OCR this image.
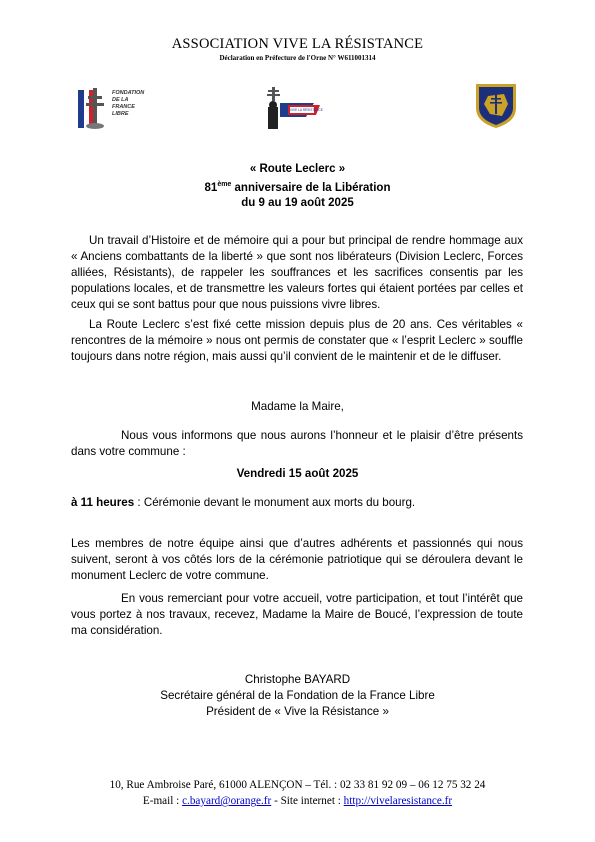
ASSOCIATION VIVE LA RÉSISTANCE
Déclaration en Préfecture de l'Orne N° W611001314
FONDATION
DE LA
FRANCE
LIBRE
VIVE LA RÉSISTANCE
« Route Leclerc »
81ème anniversaire de la Libération
du 9 au 19 août 2025
Un travail d’Histoire et de mémoire qui a pour but principal de rendre hommage aux « Anciens combattants de la liberté » que sont nos libérateurs (Division Leclerc, Forces alliées, Résistants), de rappeler les souffrances et les sacrifices consentis par les populations locales, et de transmettre les valeurs fortes qui étaient portées par celles et ceux qui se sont battus pour que nous puissions vivre libres.
La Route Leclerc s’est fixé cette mission depuis plus de 20 ans. Ces véritables « rencontres de la mémoire » nous ont permis de constater que « l’esprit Leclerc » souffle toujours dans notre région, mais aussi qu’il convient de le maintenir et de le diffuser.
Madame la Maire,
Nous vous informons que nous aurons l’honneur et le plaisir d’être présents dans votre commune :
Vendredi 15 août 2025
à 11 heures : Cérémonie devant le monument aux morts du bourg.
Les membres de notre équipe ainsi que d’autres adhérents et passionnés qui nous suivent, seront à vos côtés lors de la cérémonie patriotique qui se déroulera devant le monument Leclerc de votre commune.
En vous remerciant pour votre accueil, votre participation, et tout l’intérêt que vous portez à nos travaux, recevez, Madame la Maire de Boucé, l’expression de toute ma considération.
Christophe BAYARD
Secrétaire général de la Fondation de la France Libre
Président de « Vive la Résistance »
10, Rue Ambroise Paré, 61000 ALENÇON – Tél. : 02 33 81 92 09 – 06 12 75 32 24
E-mail : c.bayard@orange.fr - Site internet : http://vivelaresistance.fr
